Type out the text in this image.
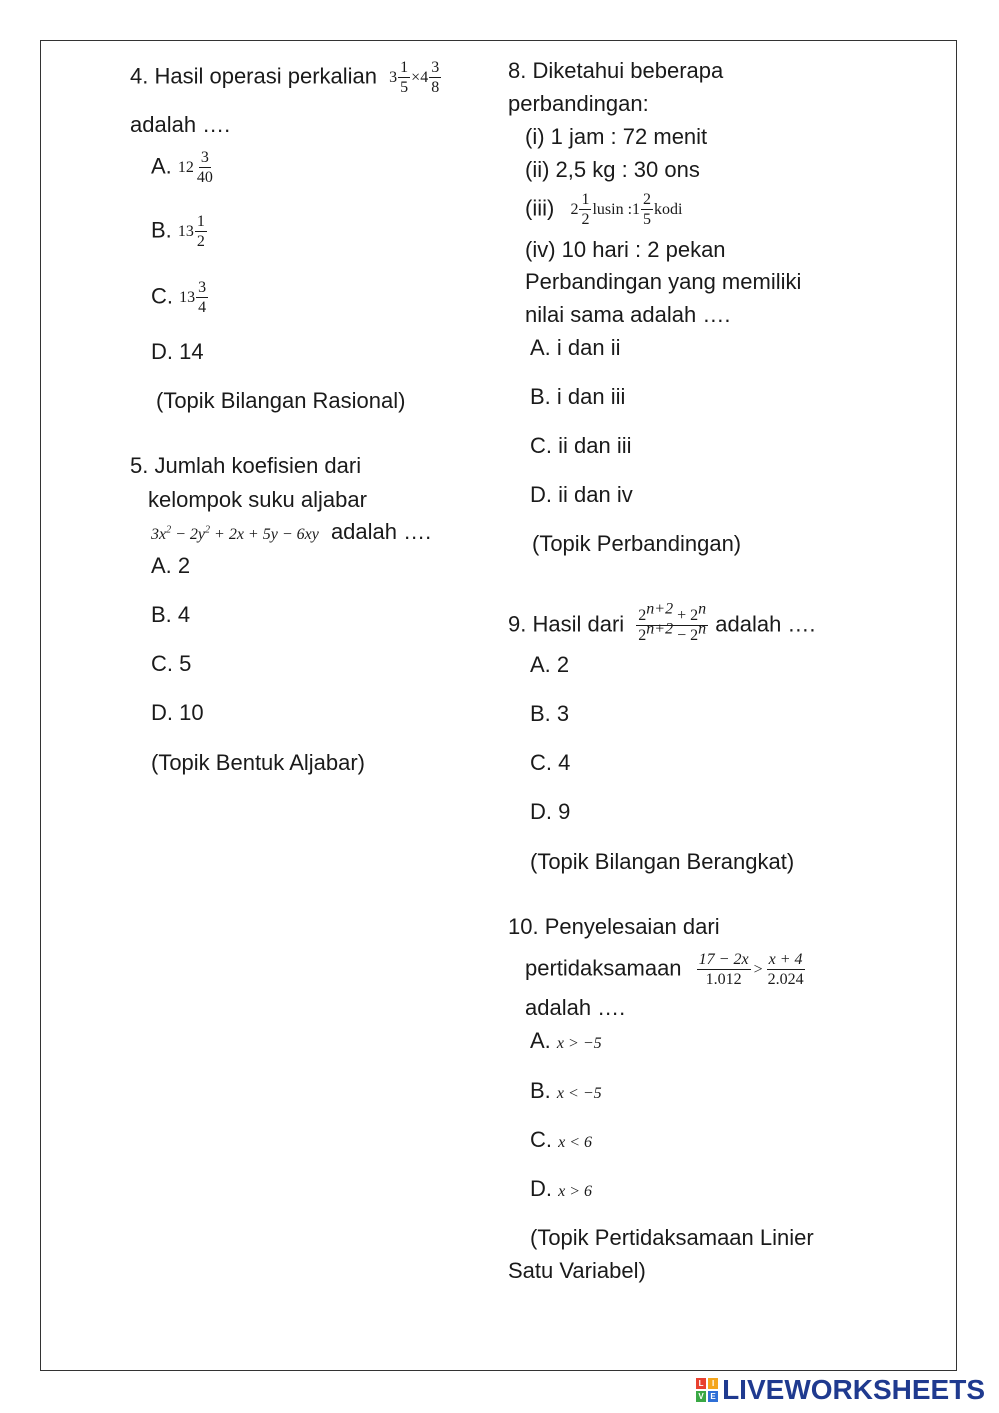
4. Hasil operasi perkalian $3 \frac{1}{5} \times 4 \frac{3}{8}$
adalah ….
A. $12 \frac{3}{40}$
B. $13 \frac{1}{2}$
C. $13 \frac{3}{4}$
D. 14
(Topik Bilangan Rasional)
5. Jumlah koefisien dari
kelompok suku aljabar
$3x^2 - 2y^2 + 2x + 5y - 6xy$ adalah ….
A. 2
B. 4
C. 5
D. 10
(Topik Bentuk Aljabar)
8. Diketahui beberapa
perbandingan:
(i) 1 jam : 72 menit
(ii) 2,5 kg : 30 ons
(iii) $2 \frac{1}{2}$ lusin : $1 \frac{2}{5}$ kodi
(iv) 10 hari : 2 pekan
Perbandingan yang memiliki
nilai sama adalah ….
A. i dan ii
B. i dan iii
C. ii dan iii
D. ii dan iv
(Topik Perbandingan)
9. Hasil dari $\frac{2^{n+2} + 2^n}{2^{n+2} - 2^n}$ adalah ….
A. 2
B. 3
C. 4
D. 9
(Topik Bilangan Berangkat)
10. Penyelesaian dari
pertidaksamaan $\frac{17 - 2x}{1.012} > \frac{x + 4}{2.024}$
adalah ….
A. x > −5
B. x < −5
C. x < 6
D. x > 6
(Topik Pertidaksamaan Linier
Satu Variabel)
L	I
V E LIVEWORKSHEETS
